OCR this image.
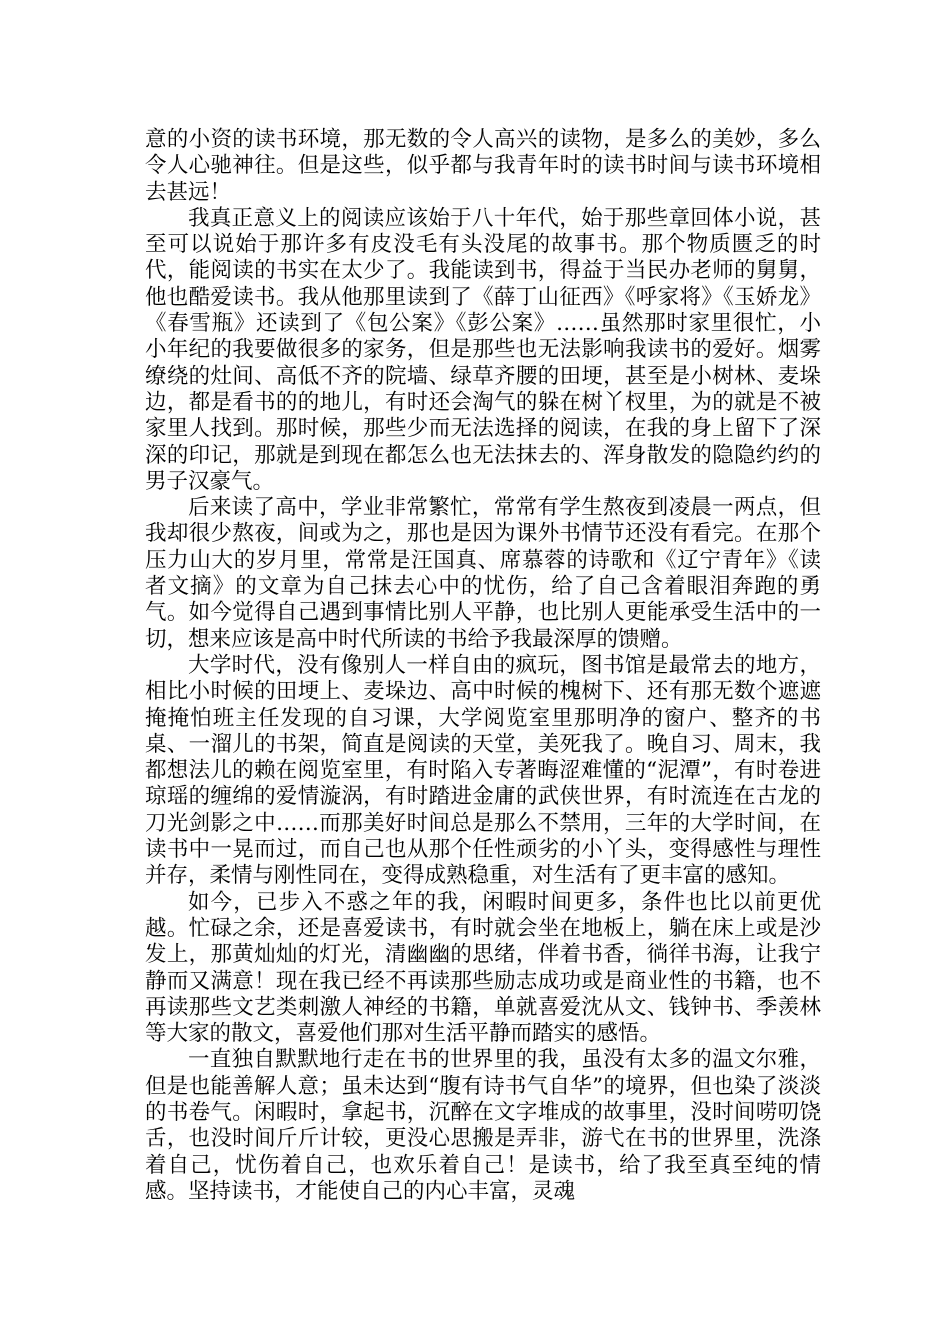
意的小资的读书环境，那无数的令人高兴的读物，是多么的美妙，多么令人心驰神往。但是这些，似乎都与我青年时的读书时间与读书环境相去甚远！

我真正意义上的阅读应该始于八十年代，始于那些章回体小说，甚至可以说始于那许多有皮没毛有头没尾的故事书。那个物质匮乏的时代，能阅读的书实在太少了。我能读到书，得益于当民办老师的舅舅，他也酷爱读书。我从他那里读到了《薛丁山征西》《呼家将》《玉娇龙》《春雪瓶》还读到了《包公案》《彭公案》……虽然那时家里很忙，小小年纪的我要做很多的家务，但是那些也无法影响我读书的爱好。烟雾缭绕的灶间、高低不齐的院墙、绿草齐腰的田埂，甚至是小树林、麦垛边，都是看书的的地儿，有时还会淘气的躲在树丫杈里，为的就是不被家里人找到。那时候，那些少而无法选择的阅读，在我的身上留下了深深的印记，那就是到现在都怎么也无法抹去的、浑身散发的隐隐约约的男子汉豪气。

后来读了高中，学业非常繁忙，常常有学生熬夜到凌晨一两点，但我却很少熬夜，间或为之，那也是因为课外书情节还没有看完。在那个压力山大的岁月里，常常是汪国真、席慕蓉的诗歌和《辽宁青年》《读者文摘》的文章为自己抹去心中的忧伤，给了自己含着眼泪奔跑的勇气。如今觉得自己遇到事情比别人平静，也比别人更能承受生活中的一切，想来应该是高中时代所读的书给予我最深厚的馈赠。

大学时代，没有像别人一样自由的疯玩，图书馆是最常去的地方，相比小时候的田埂上、麦垛边、高中时候的槐树下、还有那无数个遮遮掩掩怕班主任发现的自习课，大学阅览室里那明净的窗户、整齐的书桌、一溜儿的书架，简直是阅读的天堂，美死我了。晚自习、周末，我都想法儿的赖在阅览室里，有时陷入专著晦涩难懂的“泥潭”，有时卷进琼瑶的缠绵的爱情漩涡，有时踏进金庸的武侠世界，有时流连在古龙的刀光剑影之中……而那美好时间总是那么不禁用，三年的大学时间，在读书中一晃而过，而自己也从那个任性顽劣的小丫头，变得感性与理性并存，柔情与刚性同在，变得成熟稳重，对生活有了更丰富的感知。

如今，已步入不惑之年的我，闲暇时间更多，条件也比以前更优越。忙碌之余，还是喜爱读书，有时就会坐在地板上，躺在床上或是沙发上，那黄灿灿的灯光，清幽幽的思绪，伴着书香，徜徉书海，让我宁静而又满意！现在我已经不再读那些励志成功或是商业性的书籍，也不再读那些文艺类刺激人神经的书籍，单就喜爱沈从文、钱钟书、季羡林等大家的散文，喜爱他们那对生活平静而踏实的感悟。

一直独自默默地行走在书的世界里的我，虽没有太多的温文尔雅，但是也能善解人意；虽未达到“腹有诗书气自华”的境界，但也染了淡淡的书卷气。闲暇时，拿起书，沉醉在文字堆成的故事里，没时间唠叨饶舌，也没时间斤斤计较，更没心思搬是弄非，游弋在书的世界里，洗涤着自己，忧伤着自己，也欢乐着自己！是读书，给了我至真至纯的情感。坚持读书，才能使自己的内心丰富，灵魂
